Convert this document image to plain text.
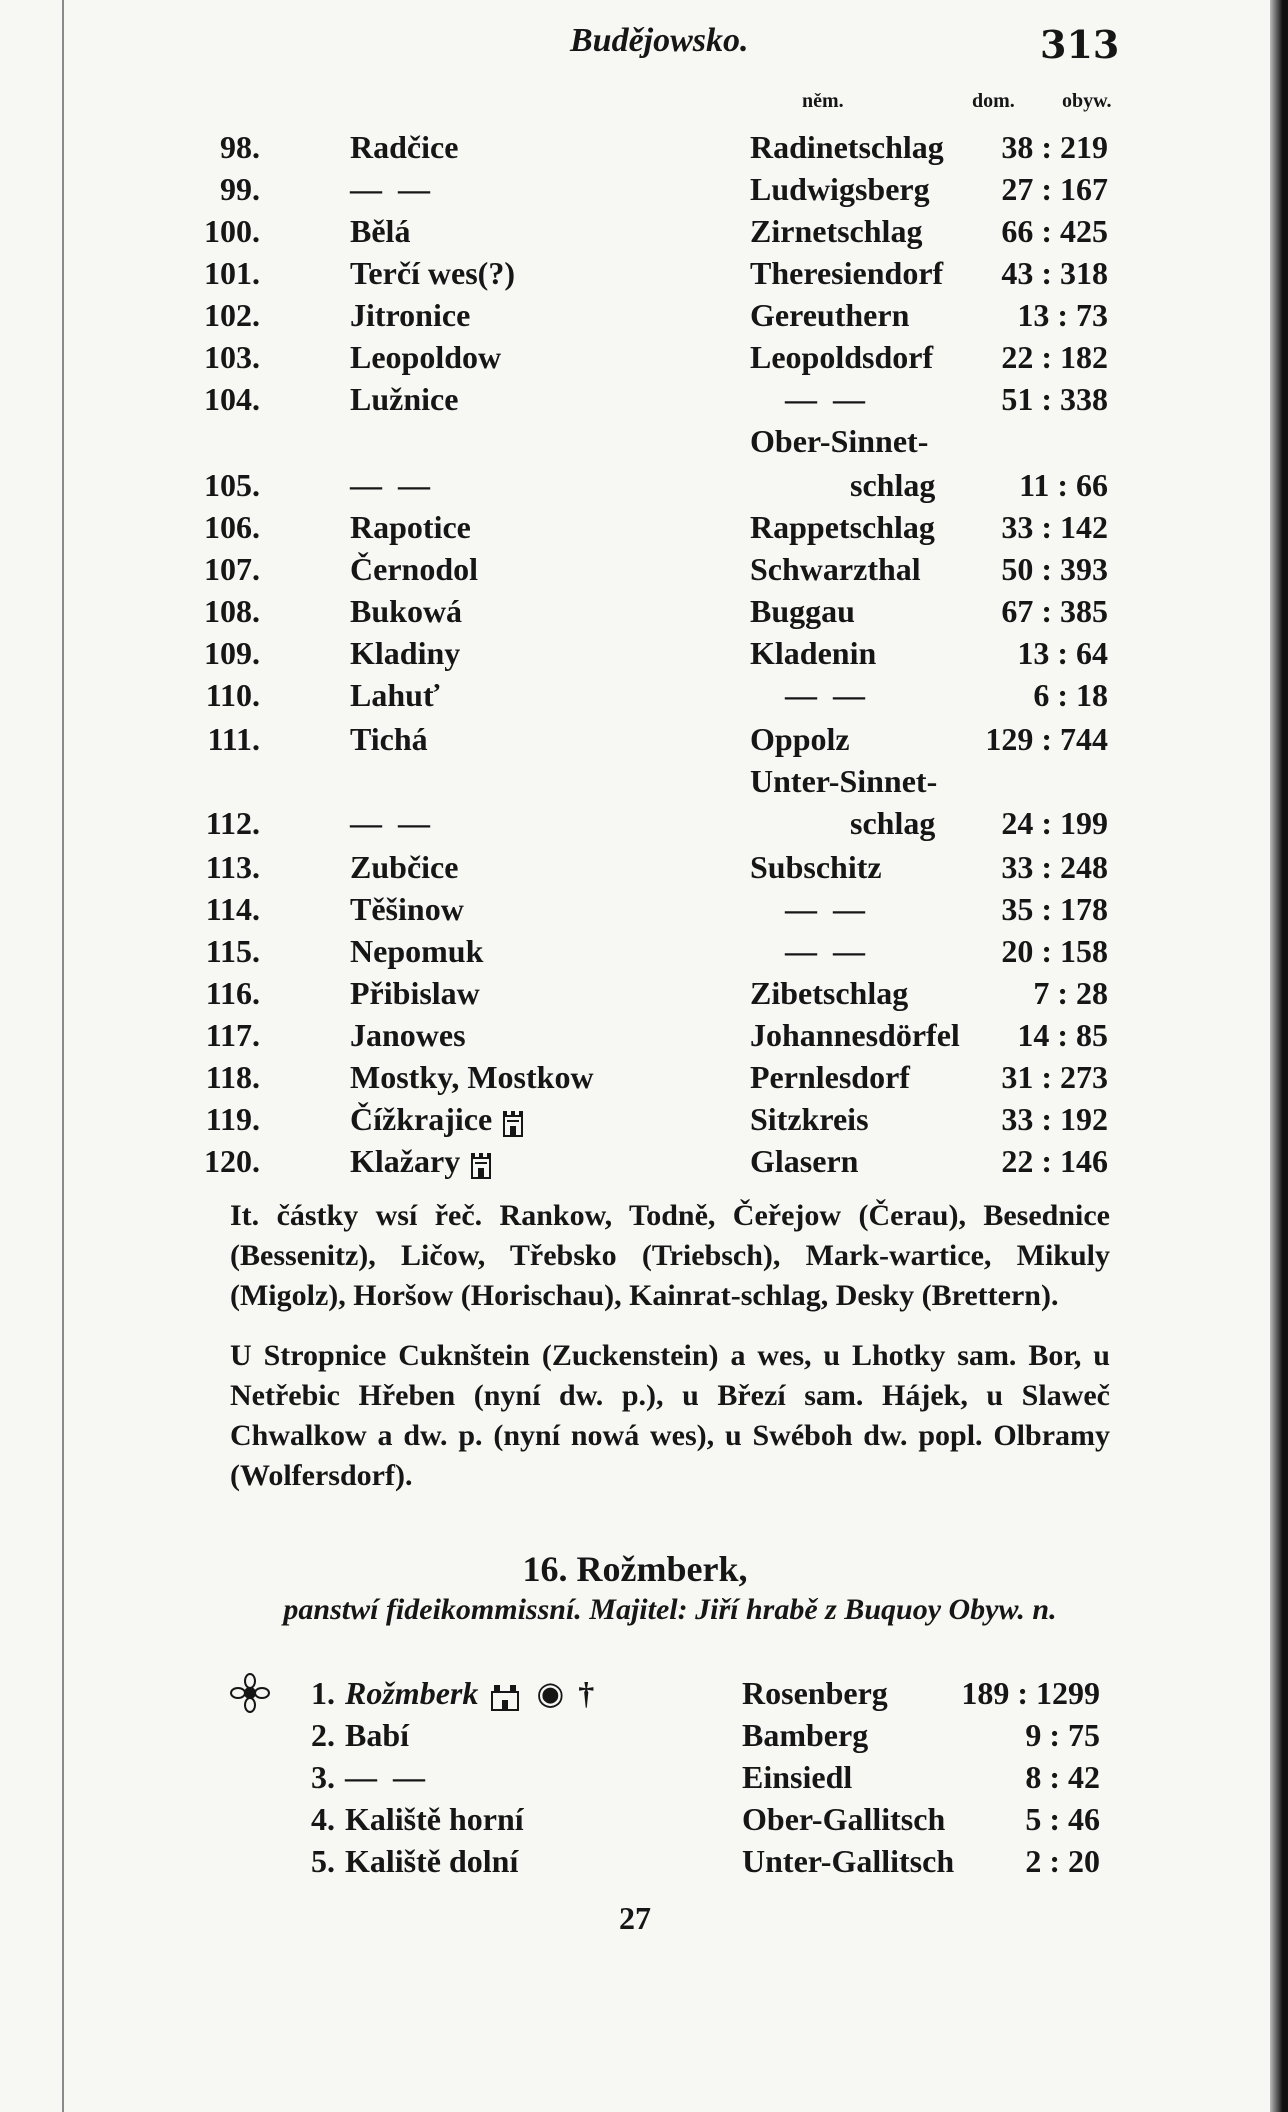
Budějowsko.	313
něm.	dom. obyw.
98.	Radčice	Radinetschlag	38 : 219
99.	— —	Ludwigsberg	27 : 167
100.	Bělá	Zirnetschlag	66 : 425
101.	Terčí wes(?)	Theresiendorf	43 : 318
102.	Jitronice	Gereuthern	13 : 73
103.	Leopoldow	Leopoldsdorf	22 : 182
104.	Lužnice	— —	51 : 338
Ober-Sinnet-
105.	— —	schlag	11 : 66
106.	Rapotice	Rappetschlag	33 : 142
107.	Černodol	Schwarzthal	50 : 393
108.	Bukowá	Buggau	67 : 385
109.	Kladiny	Kladenin	13 : 64
110.	Lahuť	— —	6 : 18
111.	Tichá	Oppolz	129 : 744
Unter-Sinnet-
112.	— —	schlag	24 : 199
113.	Zubčice	Subschitz	33 : 248
114.	Těšinow	— —	35 : 178
115.	Nepomuk	— —	20 : 158
116.	Přibislaw	Zibetschlag	7 : 28
117.	Janowes	Johannesdörfel	14 : 85
118.	Mostky, Mostkow	Pernlesdorf	31 : 273
119.	Čížkrajice	Sitzkreis	33 : 192
120.	Klažary	Glasern	22 : 146

It. částky wsí řeč. Rankow, Todně, Čeřejow (Čerau), Besednice (Bessenitz), Ličow, Třebsko (Triebsch), Mark-wartice, Mikuly (Migolz), Horšow (Horischau), Kainrat-schlag, Desky (Brettern).

U Stropnice Cuknštein (Zuckenstein) a wes, u Lhotky sam. Bor, u Netřebic Hřeben (nyní dw. p.), u Březí sam. Hájek, u Slaweč Chwalkow a dw. p. (nyní nowá wes), u Swéboh dw. popl. Olbramy (Wolfersdorf).

16. Rožmberk,
panstwí fideikommissní. Majitel: Jiří hrabě z Buquoy Obyw. n.
1. Rožmberk ◉ †	Rosenberg	189 : 1299
2. Babí	Bamberg	9 : 75
3. — —	Einsiedl	8 : 42
4. Kaliště horní	Ober-Gallitsch	5 : 46
5. Kaliště dolní	Unter-Gallitsch	2 : 20
27
